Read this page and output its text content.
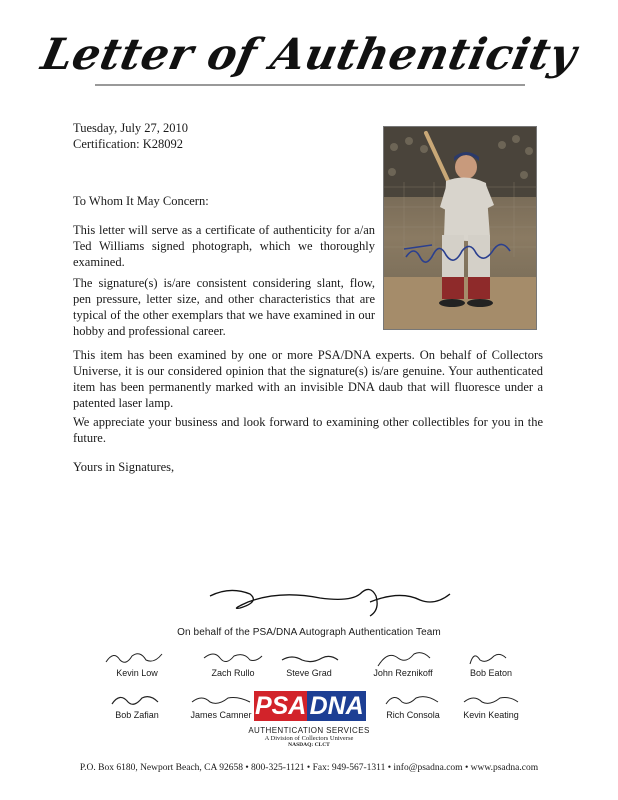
Letter of Authenticity
Tuesday, July 27, 2010
Certification: K28092
To Whom It May Concern:
This letter will serve as a certificate of authenticity for a/an Ted Williams signed photograph, which we thoroughly examined.
The signature(s) is/are consistent considering slant, flow, pen pressure, letter size, and other characteristics that are typical of the other exemplars that we have examined in our hobby and professional career.
This item has been examined by one or more PSA/DNA experts. On behalf of Collectors Universe, it is our considered opinion that the signature(s) is/are genuine. Your authenticated item has been permanently marked with an invisible DNA daub that will fluoresce under a patented laser lamp.
We appreciate your business and look forward to examining other collectibles for you in the future.
Yours in Signatures,
On behalf of the PSA/DNA Autograph Authentication Team
Kevin Low	Zach Rullo	Steve Grad	John Reznikoff	Bob Eaton
Bob Zafian	James Camner	Rich Consola	Kevin Keating
PSA DNA
AUTHENTICATION SERVICES
A Division of Collectors Universe
NASDAQ: CLCT
P.O. Box 6180, Newport Beach, CA 92658 • 800-325-1121 • Fax: 949-567-1311 • info@psadna.com • www.psadna.com
